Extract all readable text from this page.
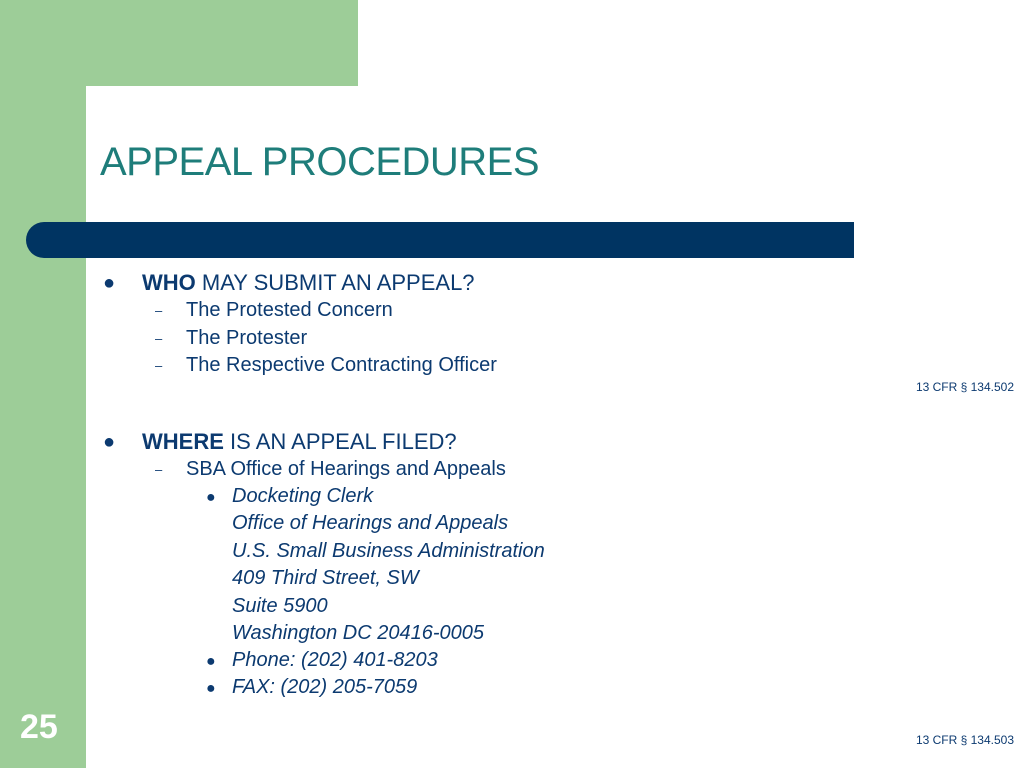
APPEAL PROCEDURES
● WHO MAY SUBMIT AN APPEAL?
– The Protested Concern
– The Protester
– The Respective Contracting Officer
● WHERE IS AN APPEAL FILED?
– SBA Office of Hearings and Appeals
● Docketing Clerk
Office of Hearings and Appeals
U.S. Small Business Administration
409 Third Street, SW
Suite 5900
Washington DC 20416-0005
● Phone: (202) 401-8203
● FAX: (202) 205-7059
13 CFR § 134.502
13 CFR § 134.503
25
